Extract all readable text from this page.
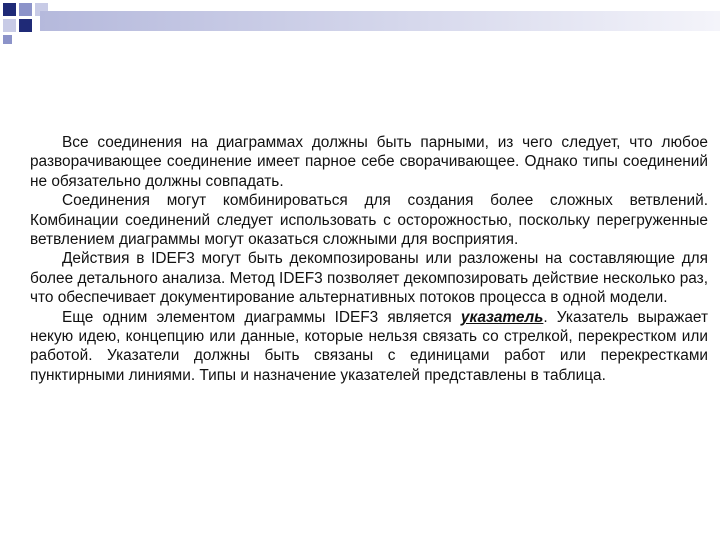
Все соединения на диаграммах должны быть парными, из чего следует, что любое разворачивающее соединение имеет парное себе сворачивающее. Однако типы соединений не обязательно должны совпадать.

Соединения могут комбинироваться для создания более сложных ветвлений. Комбинации соединений следует использовать с осторожностью, поскольку перегруженные ветвлением диаграммы могут оказаться сложными для восприятия.

Действия в IDEF3 могут быть декомпозированы или разложены на составляющие для более детального анализа. Метод IDEF3 позволяет декомпозировать действие несколько раз, что обеспечивает документирование альтернативных потоков процесса в одной модели.

Еще одним элементом диаграммы IDEF3 является указатель. Указатель выражает некую идею, концепцию или данные, которые нельзя связать со стрелкой, перекрестком или работой. Указатели должны быть связаны с единицами работ или перекрестками пунктирными линиями. Типы и назначение указателей представлены в таблица.
